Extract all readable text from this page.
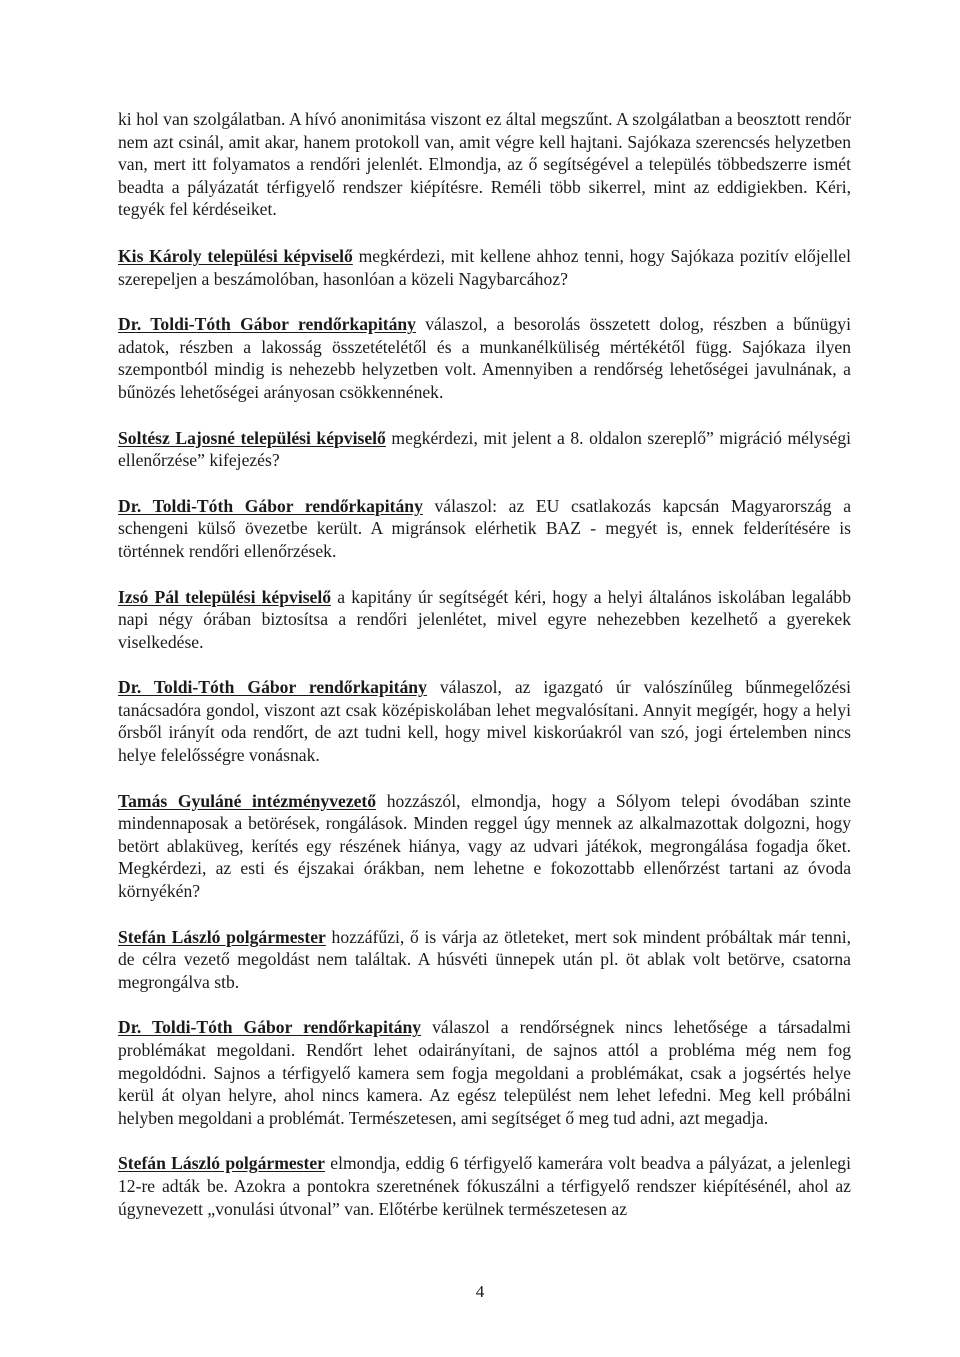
ki hol van szolgálatban. A hívó anonimitása viszont ez által megszűnt. A szolgálatban a beosztott rendőr nem azt csinál, amit akar, hanem protokoll van, amit végre kell hajtani. Sajókaza szerencsés helyzetben van, mert itt folyamatos a rendőri jelenlét. Elmondja, az ő segítségével a település többedszerre ismét beadta a pályázatát térfigyelő rendszer kiépítésre. Reméli több sikerrel, mint az eddigiekben. Kéri, tegyék fel kérdéseiket.

Kis Károly települési képviselő megkérdezi, mit kellene ahhoz tenni, hogy Sajókaza pozitív előjellel szerepeljen a beszámolóban, hasonlóan a közeli Nagybarcához?

Dr. Toldi-Tóth Gábor rendőrkapitány válaszol, a besorolás összetett dolog, részben a bűnügyi adatok, részben a lakosság összetételétől és a munkanélküliség mértékétől függ. Sajókaza ilyen szempontból mindig is nehezebb helyzetben volt. Amennyiben a rendőrség lehetőségei javulnának, a bűnözés lehetőségei arányosan csökkennének.

Soltész Lajosné települési képviselő megkérdezi, mit jelent a 8. oldalon szereplő” migráció mélységi ellenőrzése” kifejezés?

Dr. Toldi-Tóth Gábor rendőrkapitány válaszol: az EU csatlakozás kapcsán Magyarország a schengeni külső övezetbe került. A migránsok elérhetik BAZ - megyét is, ennek felderítésére is történnek rendőri ellenőrzések.

Izsó Pál települési képviselő a kapitány úr segítségét kéri, hogy a helyi általános iskolában legalább napi négy órában biztosítsa a rendőri jelenlétet, mivel egyre nehezebben kezelhető a gyerekek viselkedése.

Dr. Toldi-Tóth Gábor rendőrkapitány válaszol, az igazgató úr valószínűleg bűnmegelőzési tanácsadóra gondol, viszont azt csak középiskolában lehet megvalósítani. Annyit megígér, hogy a helyi őrsből irányít oda rendőrt, de azt tudni kell, hogy mivel kiskorúakról van szó, jogi értelemben nincs helye felelősségre vonásnak.

Tamás Gyuláné intézményvezető hozzászól, elmondja, hogy a Sólyom telepi óvodában szinte mindennaposak a betörések, rongálások. Minden reggel úgy mennek az alkalmazottak dolgozni, hogy betört ablaküveg, kerítés egy részének hiánya, vagy az udvari játékok, megrongálása fogadja őket. Megkérdezi, az esti és éjszakai órákban, nem lehetne e fokozottabb ellenőrzést tartani az óvoda környékén?

Stefán László polgármester hozzáfűzi, ő is várja az ötleteket, mert sok mindent próbáltak már tenni, de célra vezető megoldást nem találtak. A húsvéti ünnepek után pl. öt ablak volt betörve, csatorna megrongálva stb.

Dr. Toldi-Tóth Gábor rendőrkapitány válaszol a rendőrségnek nincs lehetősége a társadalmi problémákat megoldani. Rendőrt lehet odairányítani, de sajnos attól a probléma még nem fog megoldódni. Sajnos a térfigyelő kamera sem fogja megoldani a problémákat, csak a jogsértés helye kerül át olyan helyre, ahol nincs kamera. Az egész települést nem lehet lefedni. Meg kell próbálni helyben megoldani a problémát. Természetesen, ami segítséget ő meg tud adni, azt megadja.

Stefán László polgármester elmondja, eddig 6 térfigyelő kamerára volt beadva a pályázat, a jelenlegi 12-re adták be. Azokra a pontokra szeretnének fókuszálni a térfigyelő rendszer kiépítésénél, ahol az úgynevezett „vonulási útvonal” van. Előtérbe kerülnek természetesen az

4
